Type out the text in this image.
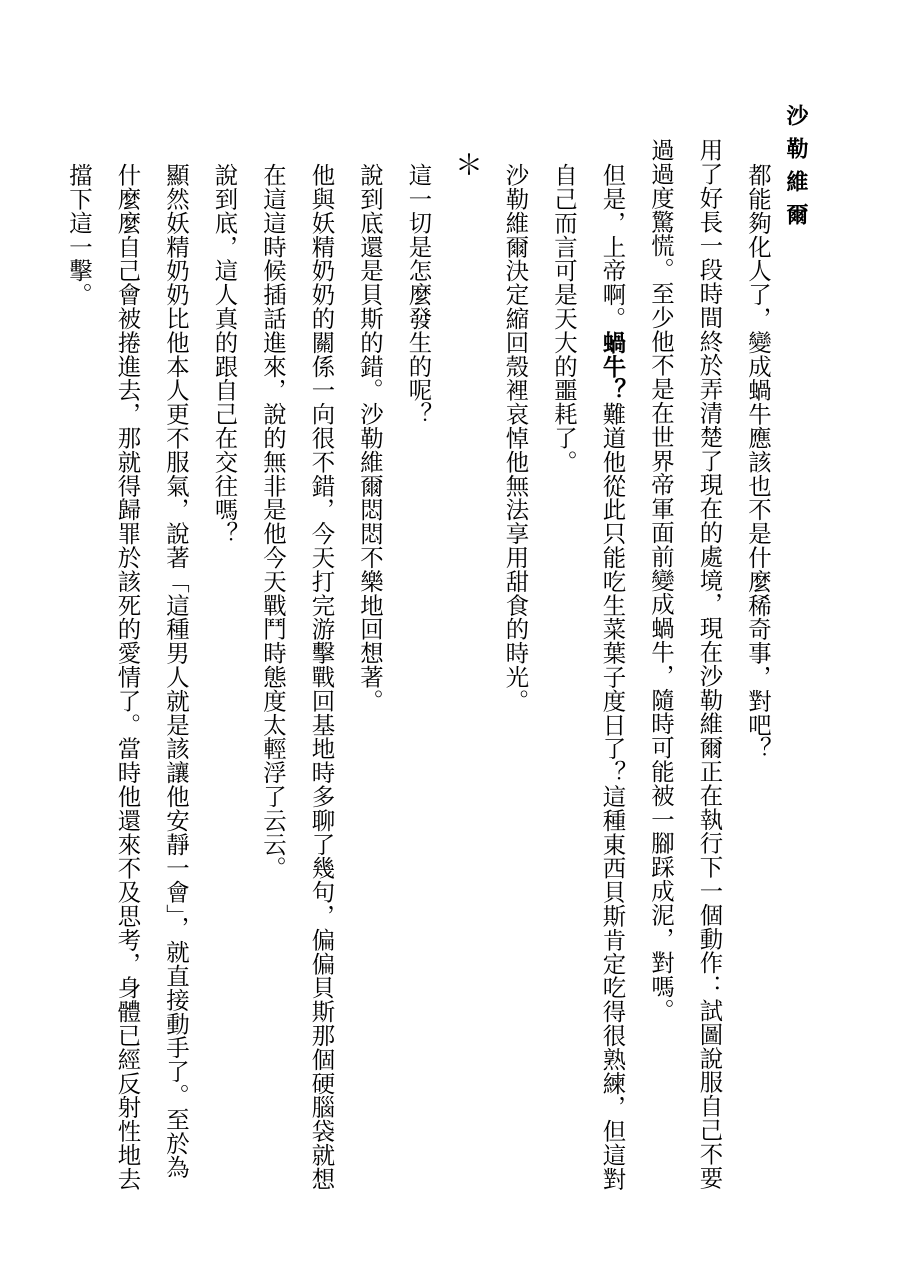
沙勒維爾

都能夠化人了，變成蝸牛應該也不是什麼稀奇事，對吧？

用了好長一段時間終於弄清楚了現在的處境，現在沙勒維爾正在執行下一個動作：試圖說服自己不要過過度驚慌。至少他不是在世界帝軍面前變成蝸牛，隨時可能被一腳踩成泥，對嗎。

但是，上帝啊。蝸牛？難道他從此只能吃生菜葉子度日了？這種東西貝斯肯定吃得很熟練，但這對自己而言可是天大的噩耗了。

沙勒維爾決定縮回殼裡哀悼他無法享用甜食的時光。

＊

這一切是怎麼發生的呢？

說到底還是貝斯的錯。沙勒維爾悶悶不樂地回想著。

他與妖精奶奶的關係一向很不錯，今天打完游擊戰回基地時多聊了幾句，偏偏貝斯那個硬腦袋就想在這這時候插話進來，說的無非是他今天戰鬥時態度太輕浮了云云。

說到底，這人真的跟自己在交往嗎？

顯然妖精奶奶比他本人更不服氣，說著「這種男人就是該讓他安靜一會」，就直接動手了。至於為什麼麼自己會被捲進去，那就得歸罪於該死的愛情了。當時他還來不及思考，身體已經反射性地去擋下這一擊。
